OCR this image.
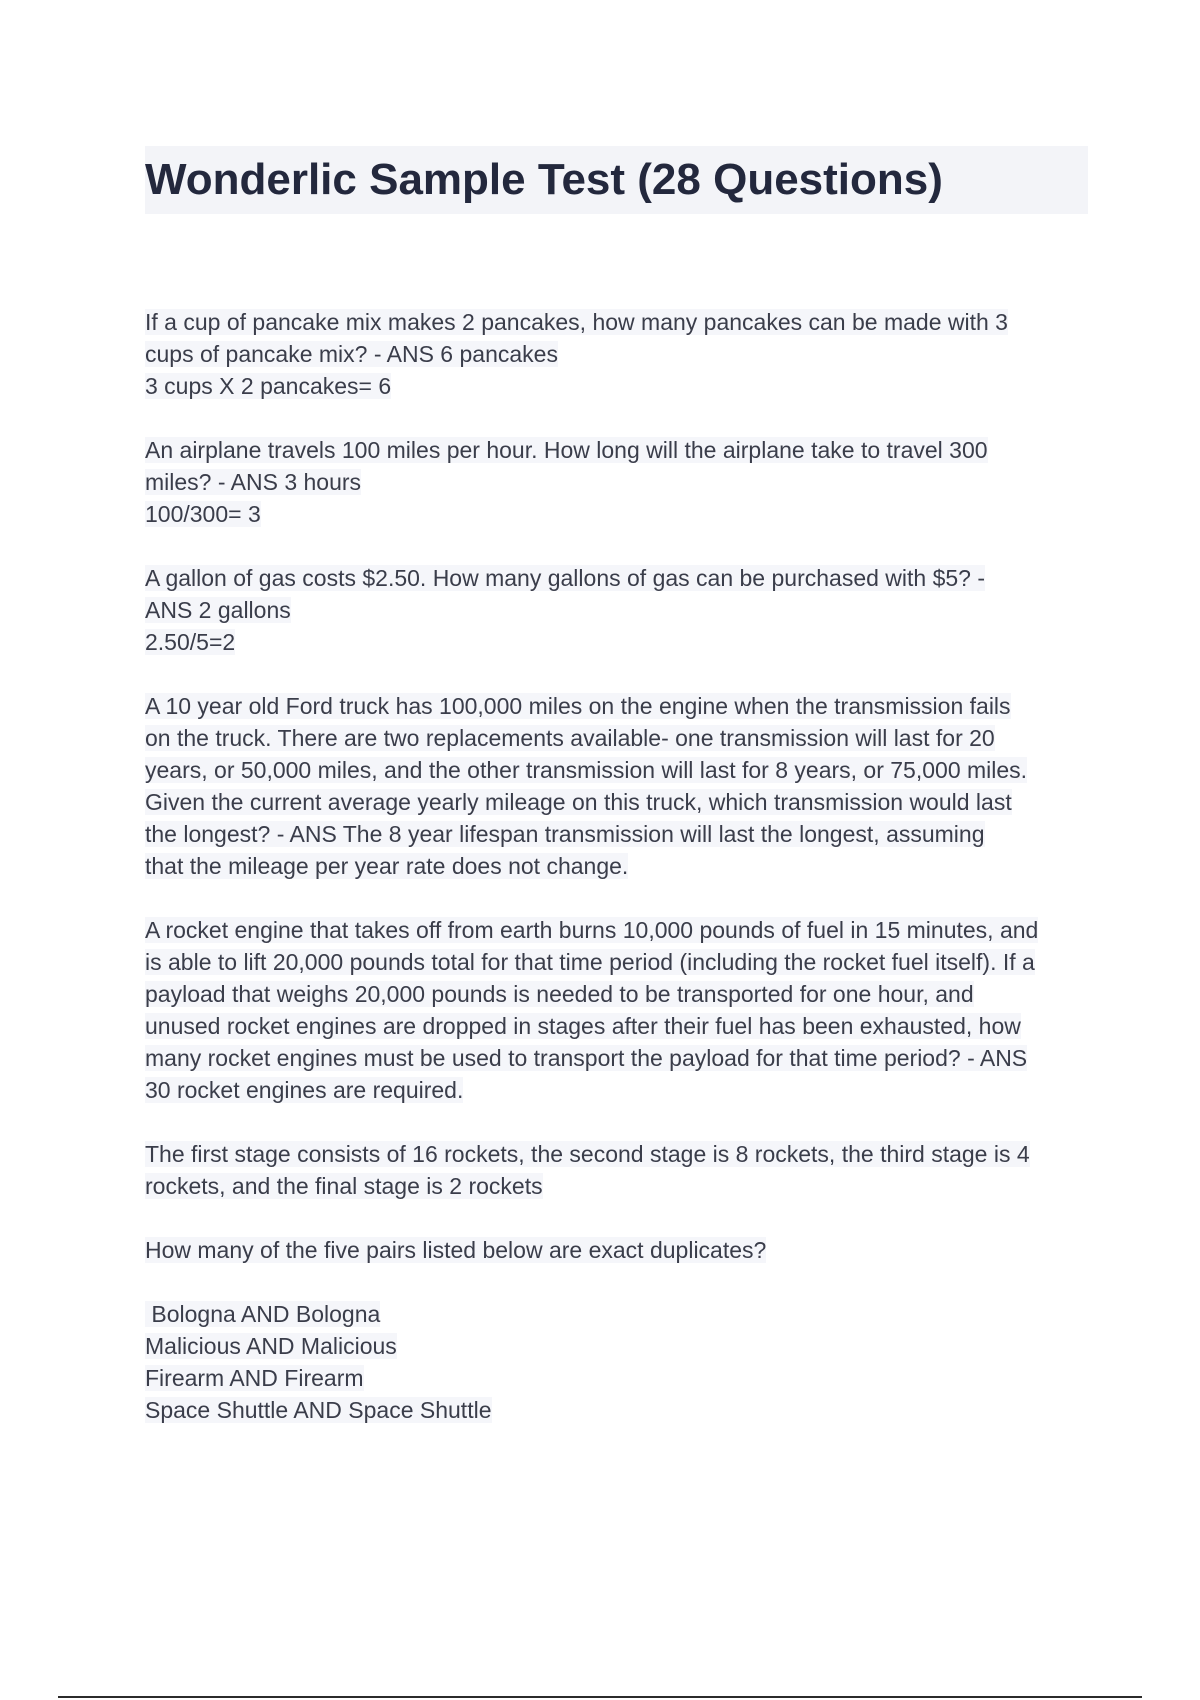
Wonderlic Sample Test (28 Questions)
If a cup of pancake mix makes 2 pancakes, how many pancakes can be made with 3
cups of pancake mix? - ANS 6 pancakes
3 cups X 2 pancakes= 6
An airplane travels 100 miles per hour. How long will the airplane take to travel 300
miles? - ANS 3 hours
100/300= 3
A gallon of gas costs $2.50. How many gallons of gas can be purchased with $5? -
ANS 2 gallons
2.50/5=2
A 10 year old Ford truck has 100,000 miles on the engine when the transmission fails
on the truck. There are two replacements available- one transmission will last for 20
years, or 50,000 miles, and the other transmission will last for 8 years, or 75,000 miles.
Given the current average yearly mileage on this truck, which transmission would last
the longest? - ANS The 8 year lifespan transmission will last the longest, assuming
that the mileage per year rate does not change.
A rocket engine that takes off from earth burns 10,000 pounds of fuel in 15 minutes, and
is able to lift 20,000 pounds total for that time period (including the rocket fuel itself). If a
payload that weighs 20,000 pounds is needed to be transported for one hour, and
unused rocket engines are dropped in stages after their fuel has been exhausted, how
many rocket engines must be used to transport the payload for that time period? - ANS
30 rocket engines are required.
The first stage consists of 16 rockets, the second stage is 8 rockets, the third stage is 4
rockets, and the final stage is 2 rockets
How many of the five pairs listed below are exact duplicates?
Bologna AND Bologna
Malicious AND Malicious
Firearm AND Firearm
Space Shuttle AND Space Shuttle
